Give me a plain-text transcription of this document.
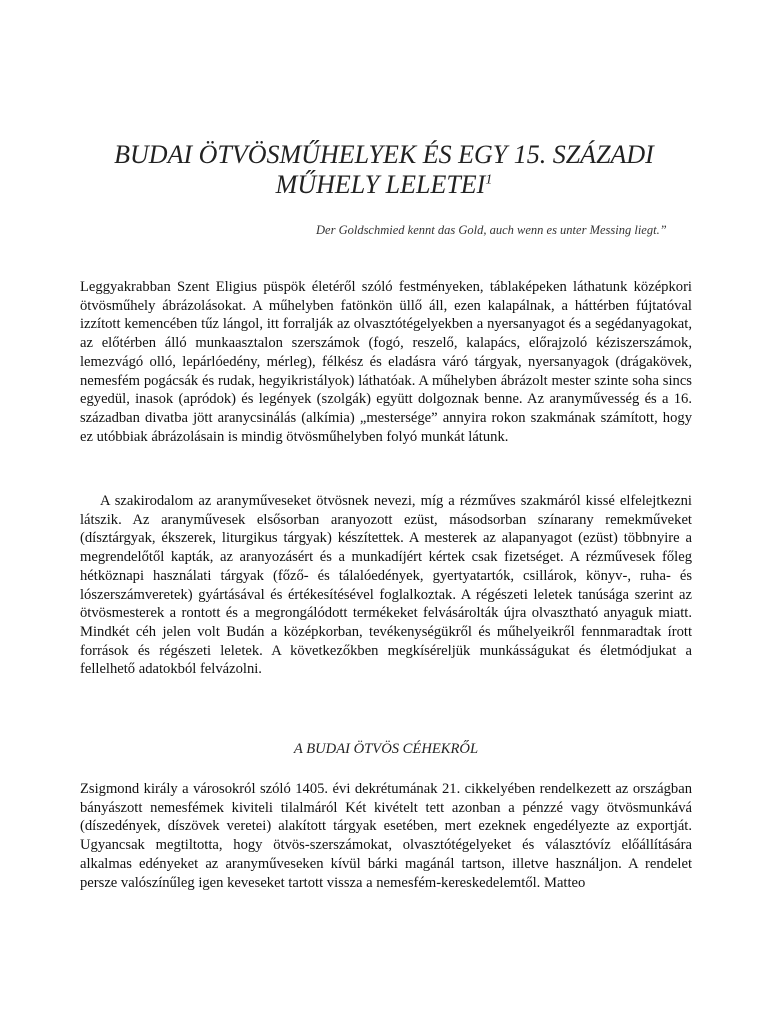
BUDAI ÖTVÖSMŰHELYEK ÉS EGY 15. SZÁZADI MŰHELY LELETEI$^1$
Der Goldschmied kennt das Gold, auch wenn es unter Messing liegt.”

Leggyakrabban Szent Eligius püspök életéről szóló festményeken, táblaképeken láthatunk középkori ötvösműhely ábrázolásokat. A műhelyben fatönkön üllő áll, ezen kalapálnak, a háttérben fújtatóval izzított kemencében tűz lángol, itt forralják az olvasztótégelyekben a nyersanyagot és a segédanyagokat, az előtérben álló munkaasztalon szerszámok (fogó, reszelő, kalapács, előrajzoló kéziszerszámok, lemezvágó olló, lepárlóedény, mérleg), félkész és eladásra váró tárgyak, nyersanyagok (drágakövek, nemesfém pogácsák és rudak, hegyikristályok) láthatóak. A műhelyben ábrázolt mester szinte soha sincs egyedül, inasok (apródok) és legények (szolgák) együtt dolgoznak benne. Az aranyművesség és a 16. században divatba jött aranycsinálás (alkímia) „mestersége” annyira rokon szakmának számított, hogy ez utóbbiak ábrázolásain is mindig ötvösműhelyben folyó munkát látunk.

A szakirodalom az aranyműveseket ötvösnek nevezi, míg a rézműves szakmáról kissé elfelejtkezni látszik. Az aranyművesek elsősorban aranyozott ezüst, másodsorban színarany remekműveket (dísztárgyak, ékszerek, liturgikus tárgyak) készítettek. A mesterek az alapanyagot (ezüst) többnyire a megrendelőtől kapták, az aranyozásért és a munkadíjért kértek csak fizetséget. A rézművesek főleg hétköznapi használati tárgyak (főző- és tálalóedények, gyertyatartók, csillárok, könyv-, ruha- és lószerszámveretek) gyártásával és értékesítésével foglalkoztak. A régészeti leletek tanúsága szerint az ötvösmesterek a rontott és a megrongálódott termékeket felvásárolták újra olvasztható anyaguk miatt. Mindkét céh jelen volt Budán a középkorban, tevékenységükről és műhelyeikről fennmaradtak írott források és régészeti leletek. A következőkben megkíséreljük munkásságukat és életmódjukat a fellelhető adatokból felvázolni.

A BUDAI ÖTVÖS CÉHEKRŐL

Zsigmond király a városokról szóló 1405. évi dekrétumának 21. cikkelyében rendelkezett az országban bányászott nemesfémek kiviteli tilalmáról Két kivételt tett azonban a pénzzé vagy ötvösmunkává (díszedények, díszövek veretei) alakított tárgyak esetében, mert ezeknek engedélyezte az exportját. Ugyancsak megtiltotta, hogy ötvös-szerszámokat, olvasztótégelyeket és választóvíz előállítására alkalmas edényeket az aranyműveseken kívül bárki magánál tartson, illetve használjon. A rendelet persze valószínűleg igen keveseket tartott vissza a nemesfém-kereskedelemtől. Matteo
